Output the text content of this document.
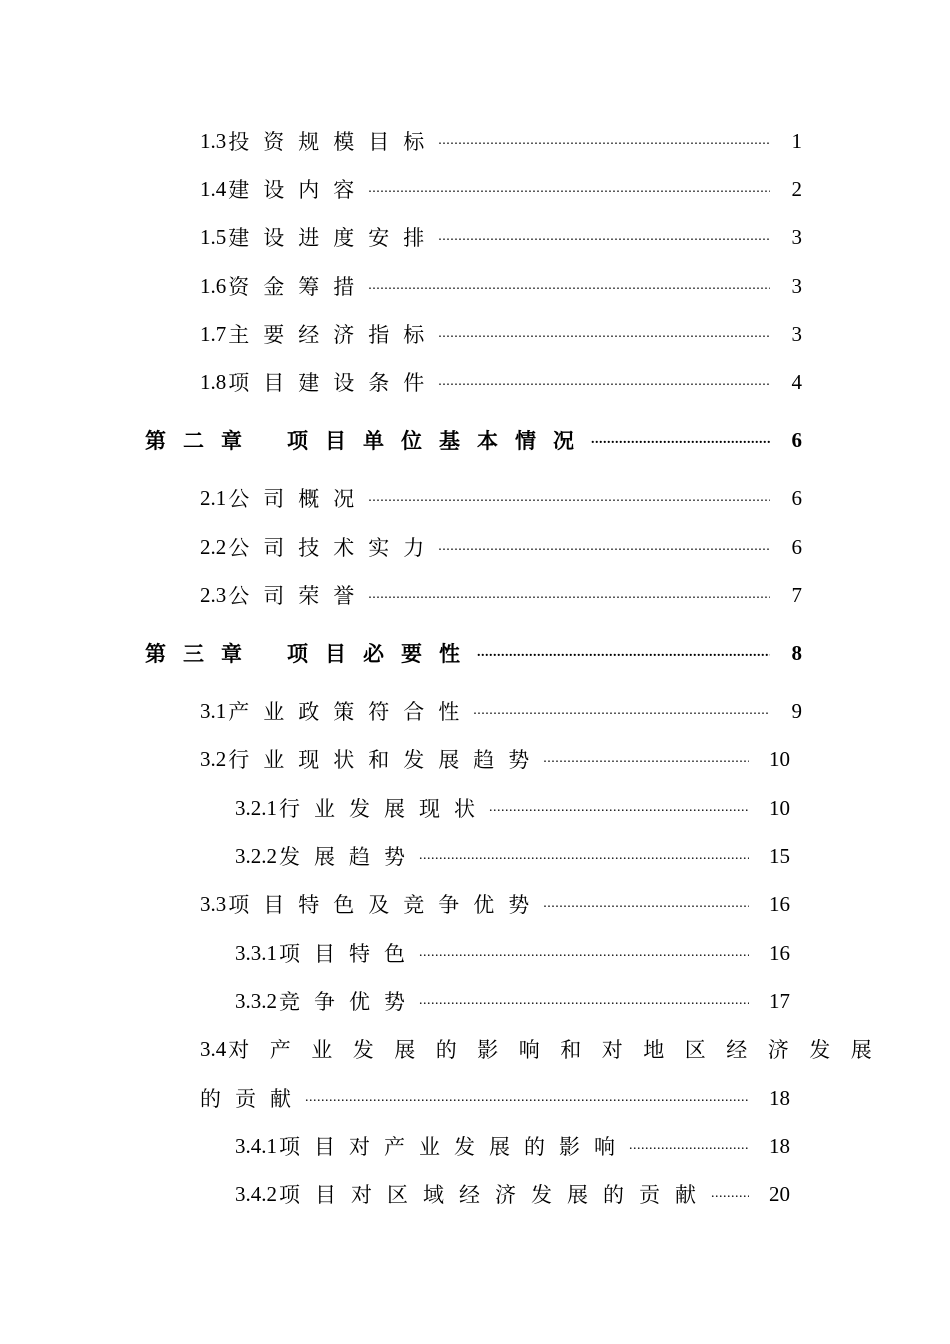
1.3 投资规模目标 .....	1
1.4 建设内容 .....	2
1.5 建设进度安排 .....	3
1.6 资金筹措 .....	3
1.7 主要经济指标 .....	3
1.8 项目建设条件 .....	4
第二章 项目单位基本情况 .....	6
2.1 公司概况 .....	6
2.2 公司技术实力 .....	6
2.3 公司荣誉 .....	7
第三章 项目必要性 .....	8
3.1 产业政策符合性 .....	9
3.2 行业现状和发展趋势 .....	10
3.2.1 行业发展现状 .....	10
3.2.2 发展趋势 .....	15
3.3 项目特色及竞争优势 .....	16
3.3.1 项目特色 .....	16
3.3.2 竞争优势 .....	17
3.4 对产业发展的影响和对地区经济发展
的贡献 .....	18
3.4.1 项目对产业发展的影响 .....	18
3.4.2 项目对区域经济发展的贡献 .....	20
